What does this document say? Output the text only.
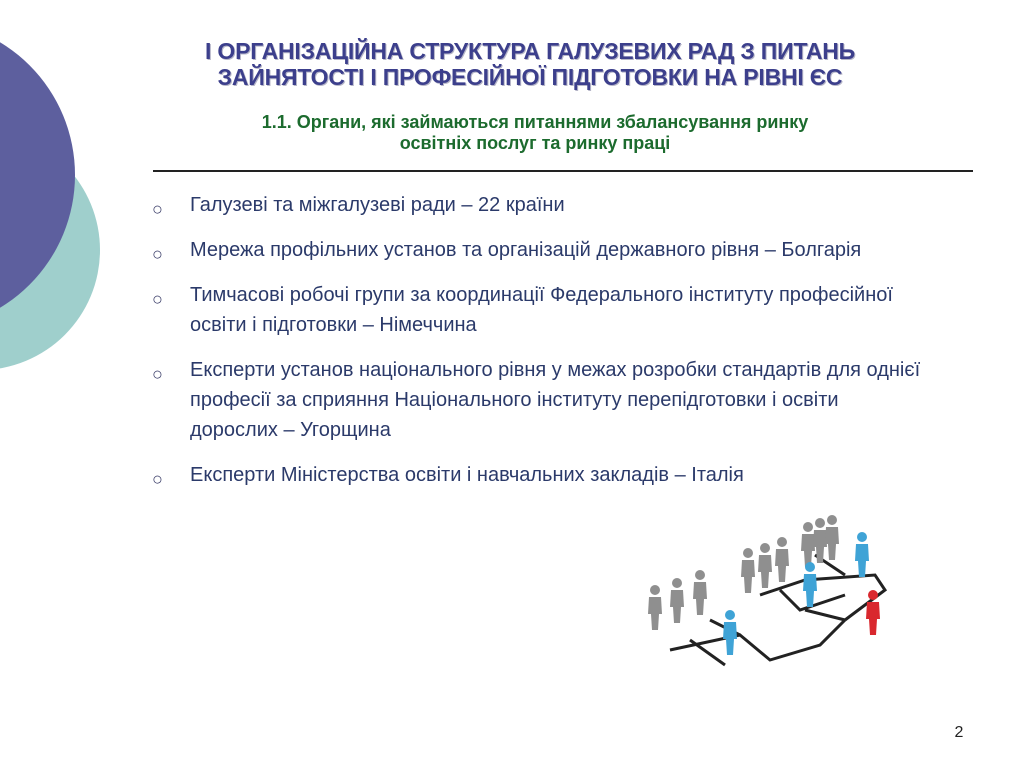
І ОРГАНІЗАЦІЙНА СТРУКТУРА ГАЛУЗЕВИХ РАД З ПИТАНЬ
ЗАЙНЯТОСТІ І ПРОФЕСІЙНОЇ ПІДГОТОВКИ НА РІВНІ ЄС
1.1. Органи, які займаються питаннями збалансування ринку
освітніх послуг та ринку праці
○ Галузеві та міжгалузеві ради – 22 країни
○ Мережа профільних установ та організацій державного рівня – Болгарія
○ Тимчасові робочі групи за координації Федерального інституту професійної освіти і підготовки – Німеччина
○ Експерти установ національного рівня у межах розробки стандартів для однієї професії за сприяння Національного інституту перепідготовки і освіти дорослих – Угорщина
○ Експерти Міністерства освіти і навчальних закладів – Італія
2
